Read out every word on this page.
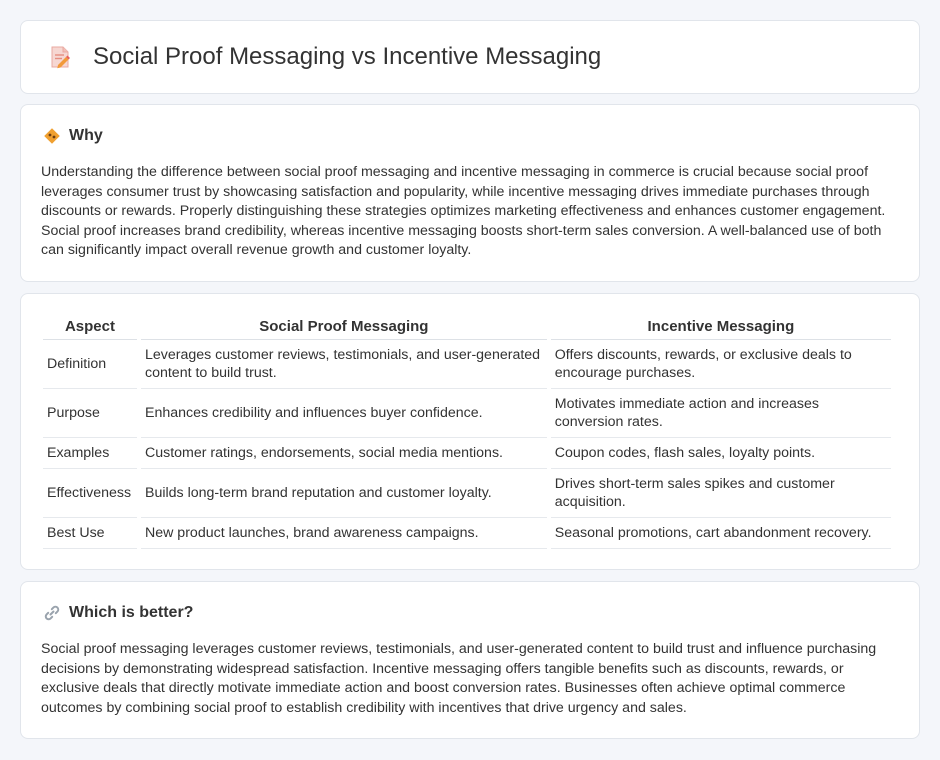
Social Proof Messaging vs Incentive Messaging
Why

Understanding the difference between social proof messaging and incentive messaging in commerce is crucial because social proof leverages consumer trust by showcasing satisfaction and popularity, while incentive messaging drives immediate purchases through discounts or rewards. Properly distinguishing these strategies optimizes marketing effectiveness and enhances customer engagement. Social proof increases brand credibility, whereas incentive messaging boosts short-term sales conversion. A well-balanced use of both can significantly impact overall revenue growth and customer loyalty.

Aspect	Social Proof Messaging	Incentive Messaging
Definition	Leverages customer reviews, testimonials, and user-generated content to build trust.	Offers discounts, rewards, or exclusive deals to encourage purchases.
Purpose	Enhances credibility and influences buyer confidence.	Motivates immediate action and increases conversion rates.
Examples	Customer ratings, endorsements, social media mentions.	Coupon codes, flash sales, loyalty points.
Effectiveness	Builds long-term brand reputation and customer loyalty.	Drives short-term sales spikes and customer acquisition.
Best Use	New product launches, brand awareness campaigns.	Seasonal promotions, cart abandonment recovery.
Which is better?

Social proof messaging leverages customer reviews, testimonials, and user-generated content to build trust and influence purchasing decisions by demonstrating widespread satisfaction. Incentive messaging offers tangible benefits such as discounts, rewards, or exclusive deals that directly motivate immediate action and boost conversion rates. Businesses often achieve optimal commerce outcomes by combining social proof to establish credibility with incentives that drive urgency and sales.
